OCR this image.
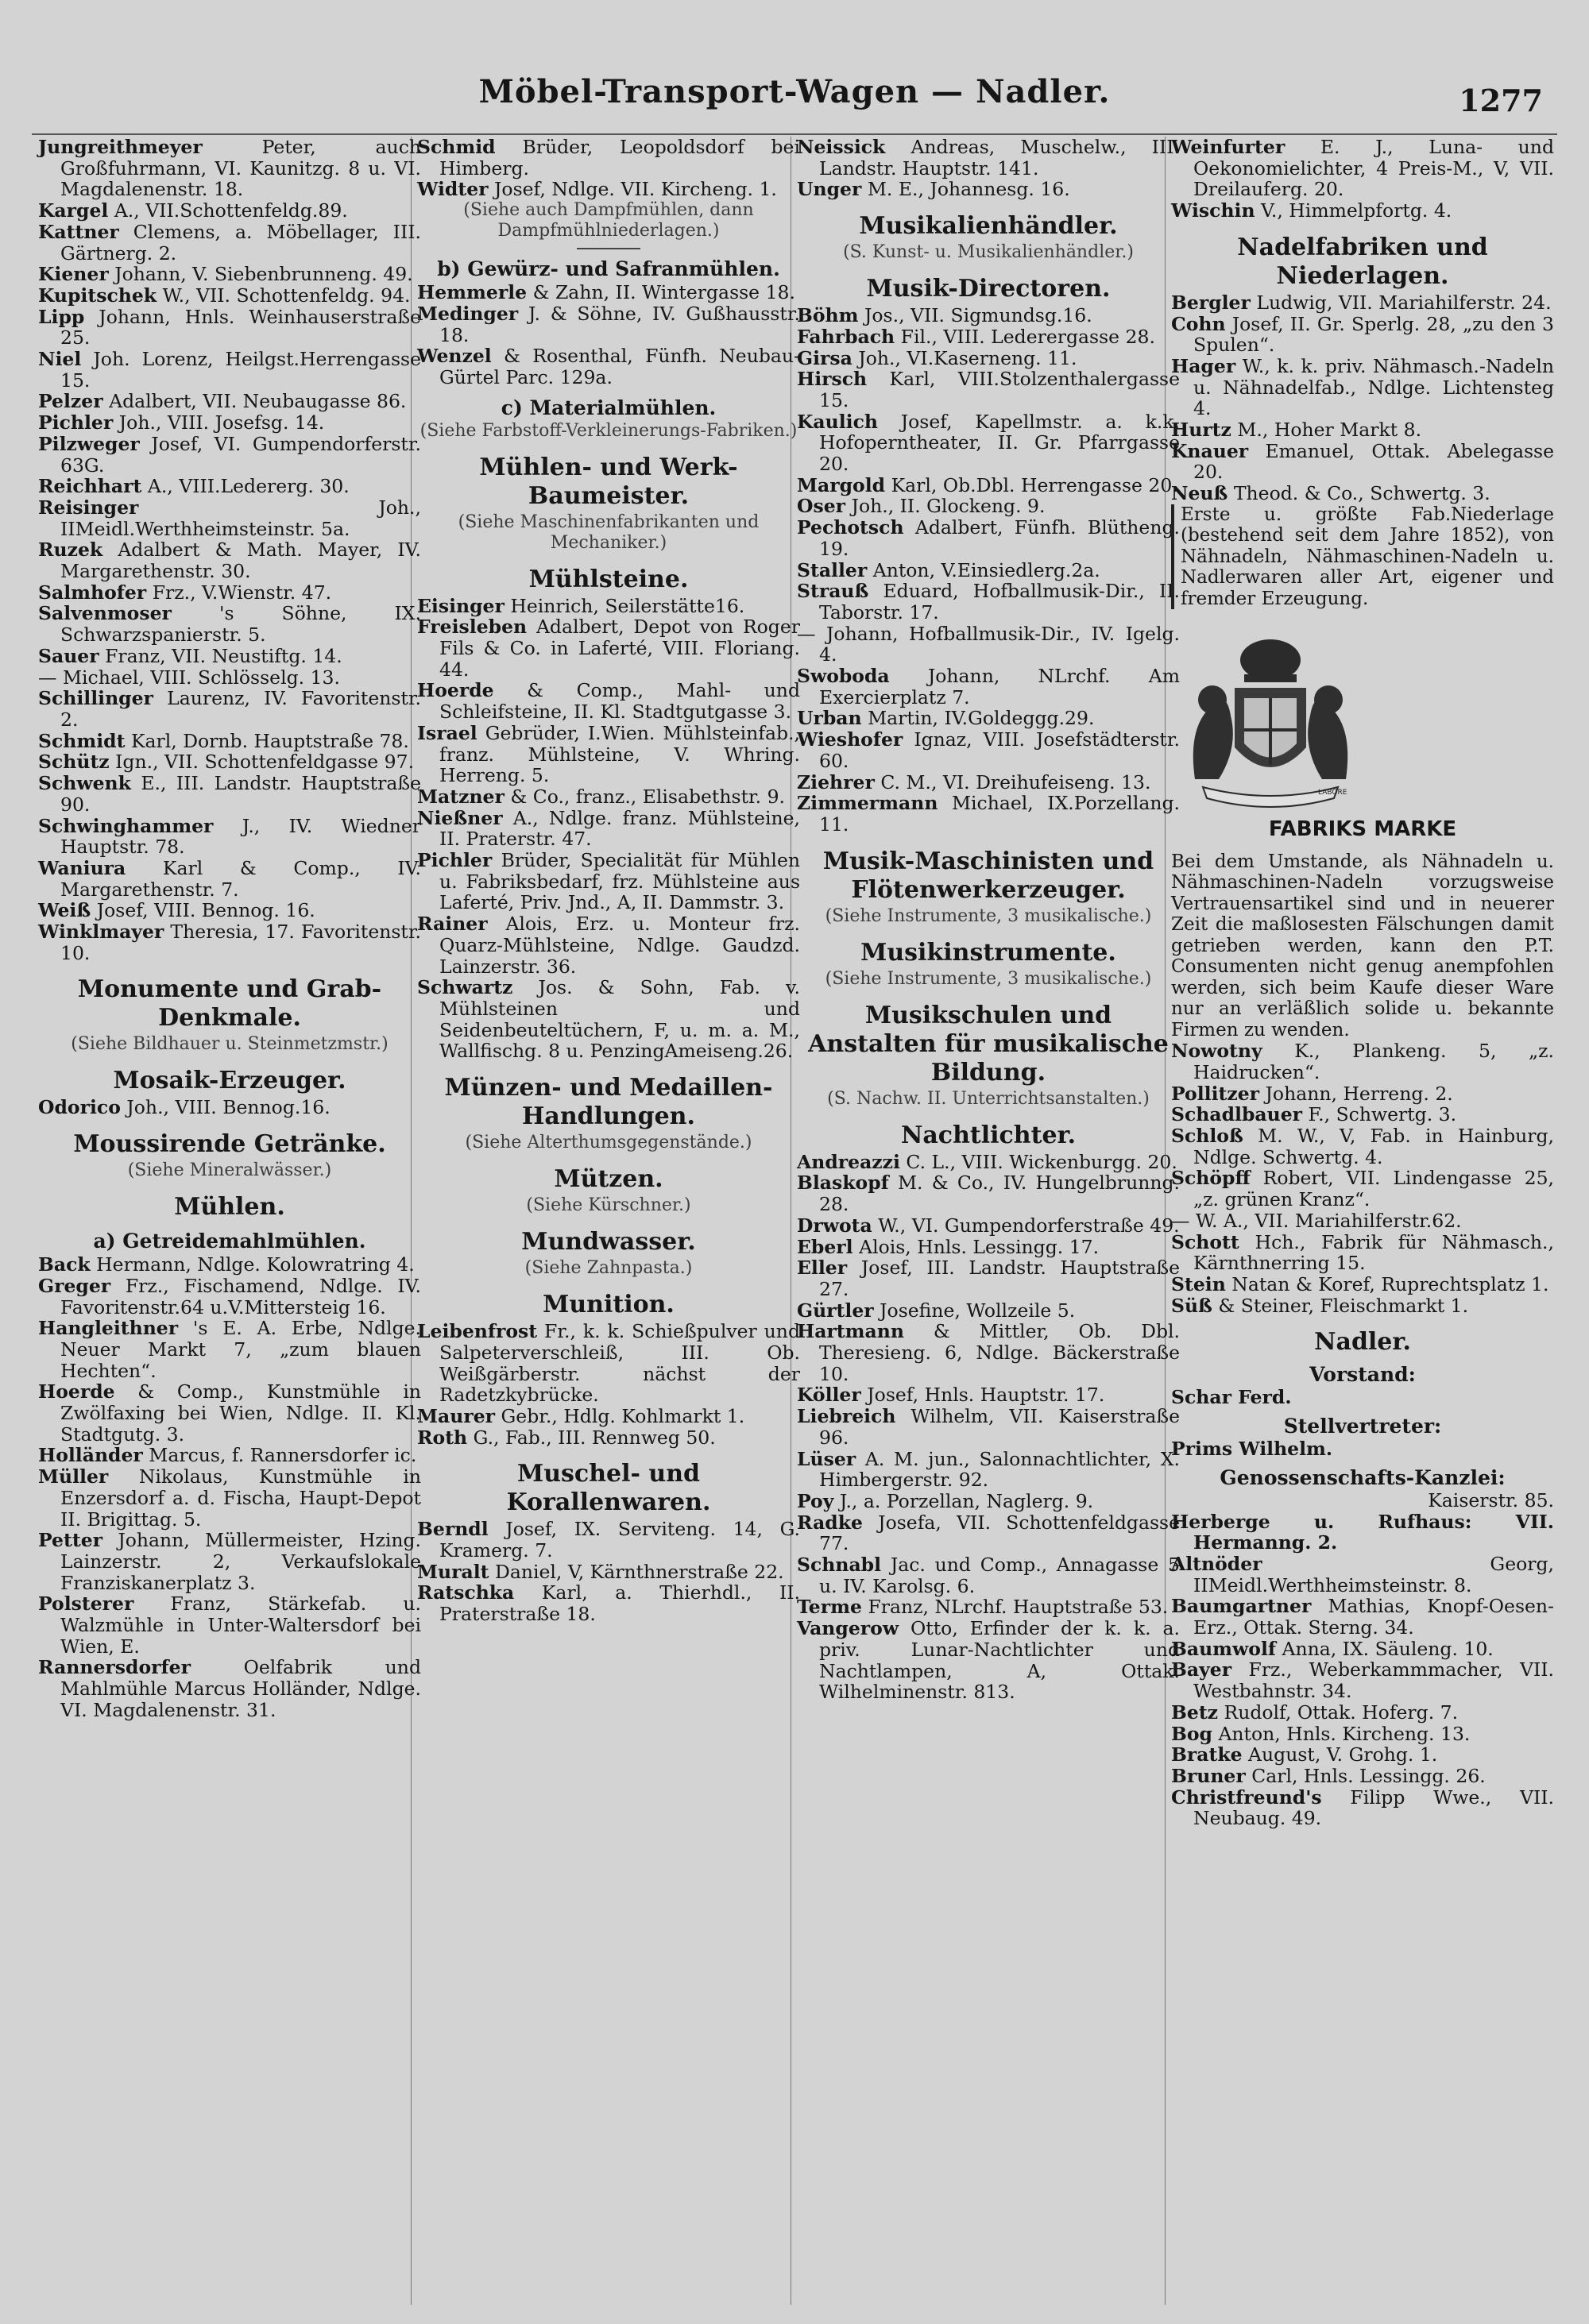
Möbel-Transport-Wagen — Nadler.	1277
Jungreithmeyer	Peter, auch Großfuhrmann, VI. Kaunitzg. 8 u. VI. Magdalenenstr. 18.
Kargel A., VII.Schottenfeldg.89.
Kattner Clemens, a. Möbellager, III. Gärtnerg. 2.
Kiener Johann, V. Siebenbrunneng. 49.
Kupitschek W., VII. Schottenfeldg. 94.
Lipp Johann, Hnls. Weinhauserstraße 25.
Niel Joh. Lorenz, Heilgst.Herrengasse 15.
Pelzer Adalbert, VII. Neubaugasse 86.
Pichler Joh., VIII. Josefsg. 14.
Pilzweger Josef, VI. Gumpendorferstr. 63G.
Reichhart A., VIII.Ledererg. 30.
Reisinger	Joh., IIMeidl.Werthheimsteinstr. 5a.
Ruzek Adalbert & Math. Mayer, IV. Margarethenstr. 30.
Salmhofer Frz., V.Wienstr. 47.
Salvenmoser	's Söhne, IX. Schwarzspanierstr. 5.
Sauer Franz, VII. Neustiftg. 14.
— Michael, VIII. Schlösselg. 13.
Schillinger Laurenz, IV. Favoritenstr. 2.
Schmidt Karl, Dornb. Hauptstraße 78.
Schütz Ign., VII. Schottenfeldgasse 97.
Schwenk E., III. Landstr. Hauptstraße 90.
Schwinghammer J., IV. Wiedner Hauptstr. 78.
Waniura Karl & Comp., IV. Margarethenstr. 7.
Weiß Josef, VIII. Bennog. 16.
Winklmayer Theresia, 17. Favoritenstr. 10.
Monumente und Grab-Denkmale.
(Siehe Bildhauer u. Steinmetzmstr.)
Mosaik-Erzeuger.
Odorico Joh., VIII. Bennog.16.
Moussirende Getränke.
(Siehe Mineralwässer.)
Mühlen.
a) Getreidemahlmühlen.
Back Hermann, Ndlge. Kolowratring 4.
Greger Frz., Fischamend, Ndlge. IV. Favoritenstr.64 u.V.Mittersteig 16.
Hangleithner 's E. A. Erbe, Ndlge. Neuer Markt 7, „zum blauen Hechten“.
Hoerde & Comp., Kunstmühle in Zwölfaxing bei Wien, Ndlge. II. Kl. Stadtgutg. 3.
Holländer Marcus, f. Rannersdorfer ic.
Müller Nikolaus, Kunstmühle in Enzersdorf a. d. Fischa, Haupt-Depot II. Brigittag. 5.
Petter Johann, Müllermeister, Hzing. Lainzerstr. 2, Verkaufslokale Franziskanerplatz 3.
Polsterer Franz, Stärkefab. u. Walzmühle in Unter-Waltersdorf bei Wien, E.
Rannersdorfer	Oelfabrik und Mahlmühle Marcus Holländer, Ndlge. VI. Magdalenenstr. 31.
Schmid Brüder, Leopoldsdorf bei Himberg.
Widter Josef, Ndlge. VII. Kircheng. 1.
(Siehe auch Dampfmühlen, dann Dampfmühlniederlagen.)
b) Gewürz- und Safranmühlen.
Hemmerle & Zahn, II. Wintergasse 18.
Medinger J. & Söhne, IV. Gußhausstr. 18.
Wenzel & Rosenthal, Fünfh. Neubau-Gürtel Parc. 129a.
c) Materialmühlen.
(Siehe Farbstoff-Verkleinerungs-Fabriken.)
Mühlen- und Werk-Baumeister.
(Siehe Maschinenfabrikanten und Mechaniker.)
Mühlsteine.
Eisinger Heinrich, Seilerstätte16.
Freisleben Adalbert, Depot von Roger Fils & Co. in Laferté, VIII. Floriang. 44.
Hoerde & Comp., Mahl- und Schleifsteine, II. Kl. Stadtgutgasse 3.
Israel Gebrüder, I.Wien. Mühlsteinfab., franz. Mühlsteine, V. Whring. Herreng. 5.
Matzner & Co., franz., Elisabethstr. 9.
Nießner A., Ndlge. franz. Mühlsteine, II. Praterstr. 47.
Pichler Brüder, Specialität für Mühlen u. Fabriksbedarf, frz. Mühlsteine aus Laferté, Priv. Jnd., A, II. Dammstr. 3.
Rainer Alois, Erz. u. Monteur frz. Quarz-Mühlsteine, Ndlge. Gaudzd. Lainzerstr. 36.
Schwartz Jos. & Sohn, Fab. v. Mühlsteinen und Seidenbeuteltüchern, F, u. m. a. M., Wallfischg. 8 u. PenzingAmeiseng.26.
Münzen- und Medaillen-Handlungen.
(Siehe Alterthumsgegenstände.)
Mützen.
(Siehe Kürschner.)
Mundwasser.
(Siehe Zahnpasta.)
Munition.
Leibenfrost Fr., k. k. Schießpulver und Salpeterverschleiß, III. Ob. Weißgärberstr. nächst der Radetzkybrücke.
Maurer Gebr., Hdlg. Kohlmarkt 1.
Roth G., Fab., III. Rennweg 50.
Muschel- und Korallenwaren.
Berndl Josef, IX. Serviteng. 14, G. Kramerg. 7.
Muralt Daniel, V, Kärnthnerstraße 22.
Ratschka Karl, a. Thierhdl., II. Praterstraße 18.
Neissick Andreas, Muschelw., III. Landstr. Hauptstr. 141.
Unger M. E., Johannesg. 16.
Musikalienhändler.
(S. Kunst- u. Musikalienhändler.)
Musik-Directoren.
Böhm Jos., VII. Sigmundsg.16.
Fahrbach Fil., VIII. Lederergasse 28.
Girsa Joh., VI.Kaserneng. 11.
Hirsch Karl, VIII.Stolzenthalergasse 15.
Kaulich Josef, Kapellmstr. a. k.k. Hofoperntheater, II. Gr. Pfarrgasse 20.
Margold Karl, Ob.Dbl. Herrengasse 20.
Oser Joh., II. Glockeng. 9.
Pechotsch Adalbert, Fünfh. Blütheng. 19.
Staller Anton, V.Einsiedlerg.2a.
Strauß Eduard, Hofballmusik-Dir., II. Taborstr. 17.
— Johann, Hofballmusik-Dir., IV. Igelg. 4.
Swoboda Johann, NLrchf. Am Exercierplatz 7.
Urban Martin, IV.Goldeggg.29.
Wieshofer Ignaz, VIII. Josefstädterstr. 60.
Ziehrer C. M., VI. Dreihufeiseng. 13.
Zimmermann Michael, IX.Porzellang. 11.
Musik-Maschinisten und Flötenwerkerzeuger.
(Siehe Instrumente, 3 musikalische.)
Musikinstrumente.
(Siehe Instrumente, 3 musikalische.)
Musikschulen und Anstalten für musikalische Bildung.
(S. Nachw. II. Unterrichtsanstalten.)
Nachtlichter.
Andreazzi C. L., VIII. Wickenburgg. 20.
Blaskopf M. & Co., IV. Hungelbrunng. 28.
Drwota W., VI. Gumpendorferstraße 49.
Eberl Alois, Hnls. Lessingg. 17.
Eller Josef, III. Landstr. Hauptstraße 27.
Gürtler Josefine, Wollzeile 5.
Hartmann & Mittler, Ob. Dbl. Theresieng. 6, Ndlge. Bäckerstraße 10.
Köller Josef, Hnls. Hauptstr. 17.
Liebreich Wilhelm, VII. Kaiserstraße 96.
Lüser A. M. jun., Salonnachtlichter, X. Himbergerstr. 92.
Poy J., a. Porzellan, Naglerg. 9.
Radke Josefa, VII. Schottenfeldgasse 77.
Schnabl Jac. und Comp., Annagasse 5 u. IV. Karolsg. 6.
Terme Franz, NLrchf. Hauptstraße 53.
Vangerow Otto, Erfinder der k. k. a. priv. Lunar-Nachtlichter und Nachtlampen, A, Ottak. Wilhelminenstr. 813.
Weinfurter E. J., Luna- und Oekonomielichter, 4 Preis-M., V, VII. Dreilauferg. 20.
Wischin V., Himmelpfortg. 4.
Nadelfabriken und Niederlagen.
Bergler Ludwig, VII. Mariahilferstr. 24.
Cohn Josef, II. Gr. Sperlg. 28, „zu den 3 Spulen“.
Hager W., k. k. priv. Nähmasch.-Nadeln u. Nähnadelfab., Ndlge. Lichtensteg 4.
Hurtz M., Hoher Markt 8.
Knauer Emanuel, Ottak. Abelegasse 20.
Neuß Theod. & Co., Schwertg. 3.
Erste u. größte Fab.Niederlage (bestehend seit dem Jahre 1852), von Nähnadeln, Nähmaschinen-Nadeln u. Nadlerwaren aller Art, eigener und fremder Erzeugung.
LABORE
FABRIKS MARKE
Bei dem Umstande, als Nähnadeln u. Nähmaschinen-Nadeln vorzugsweise Vertrauensartikel sind und in neuerer Zeit die maßlosesten Fälschungen damit getrieben werden, kann den P.T. Consumenten nicht genug anempfohlen werden, sich beim Kaufe dieser Ware nur an verläßlich solide u. bekannte Firmen zu wenden.
Nowotny K., Plankeng. 5, „z. Haidrucken“.
Pollitzer Johann, Herreng. 2.
Schadlbauer F., Schwertg. 3.
Schloß M. W., V, Fab. in Hainburg, Ndlge. Schwertg. 4.
Schöpff Robert, VII. Lindengasse 25, „z. grünen Kranz“.
— W. A., VII. Mariahilferstr.62.
Schott Hch., Fabrik für Nähmasch., Kärnthnerring 15.
Stein Natan & Koref, Ruprechtsplatz 1.
Süß & Steiner, Fleischmarkt 1.
Nadler.
Vorstand:
Schar Ferd.
Stellvertreter:
Prims Wilhelm.
Genossenschafts-Kanzlei:
Kaiserstr. 85.
Herberge u. Rufhaus: VII. Hermanng. 2.
Altnöder	Georg, IIMeidl.Werthheimsteinstr. 8.
Baumgartner Mathias, Knopf-Oesen-Erz., Ottak. Sterng. 34.
Baumwolf Anna, IX. Säuleng. 10.
Bayer Frz., Weberkammmacher, VII. Westbahnstr. 34.
Betz Rudolf, Ottak. Hoferg. 7.
Bog Anton, Hnls. Kircheng. 13.
Bratke August, V. Grohg. 1.
Bruner Carl, Hnls. Lessingg. 26.
Christfreund's Filipp Wwe., VII. Neubaug. 49.
